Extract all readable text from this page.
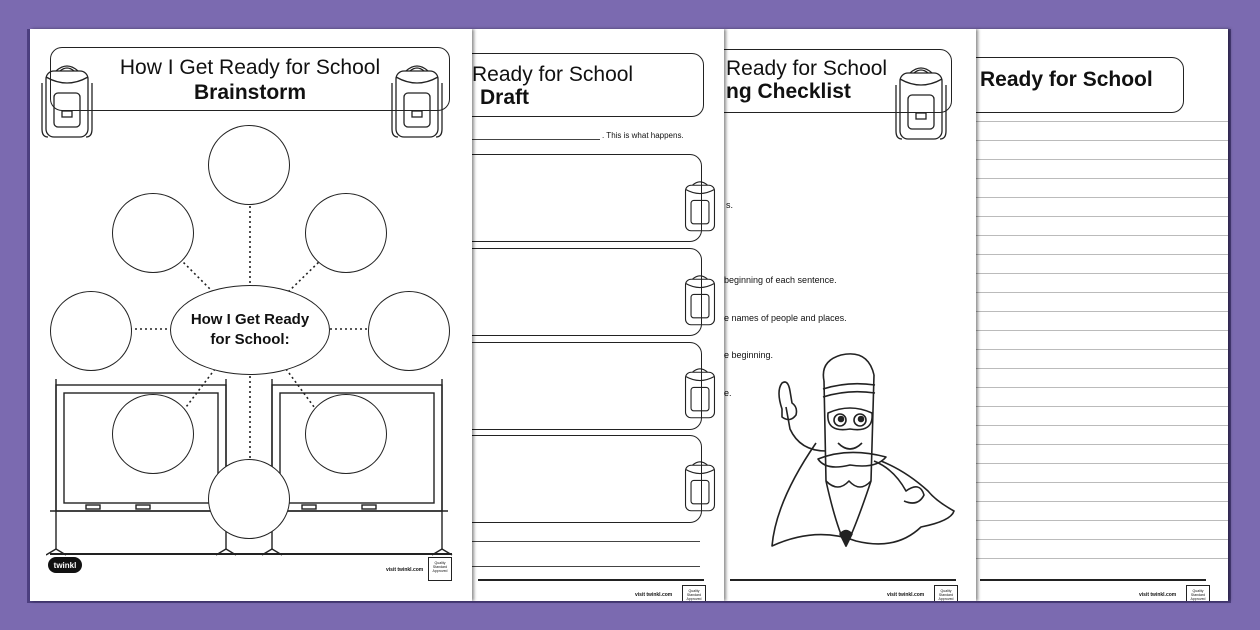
Ready for School
visit twinkl.com
Quality Standard Approved
Ready for School
ng Checklist
s.
beginning of each sentence.
e names of people and places.
e beginning.
e.
visit twinkl.com
Quality Standard Approved
Ready for School
Draft
. This is what happens.
visit twinkl.com
Quality Standard Approved
How I Get Ready for School
Brainstorm
How I Get Ready
for School:
twinkl
visit twinkl.com
Quality Standard Approved
